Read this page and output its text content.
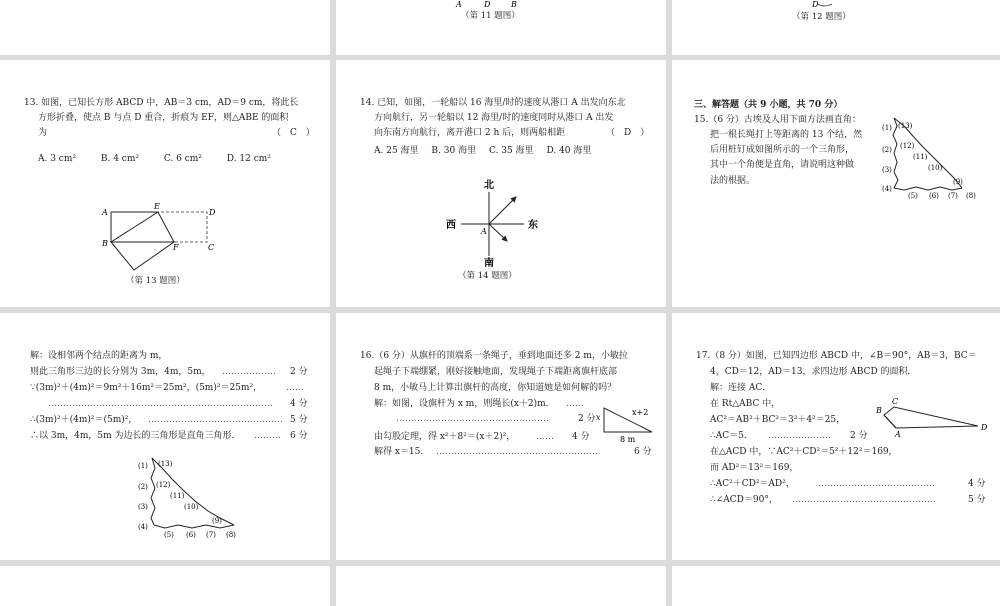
A	D	B
（第 11 题图）
D
（第 12 题图）
13. 如图，已知长方形 ABCD 中，AB＝3 cm，AD＝9 cm，将此长
方形折叠，使点 B 与点 D 重合，折痕为 EF，则△ABE 的面积
为	（　C　）
A. 3 cm²	B. 4 cm²	C. 6 cm²	D. 12 cm²
A
E
D
B	F	C
（第 13 题图）
14. 已知，如图，一轮船以 16 海里/时的速度从港口 A 出发向东北
方向航行，另一轮船以 12 海里/时的速度同时从港口 A 出发
向东南方向航行，离开港口 2 h 后，则两船相距	（　D　）
A. 25 海里 B. 30 海里 C. 35 海里 D. 40 海里
北
南
西	东
A
（第 14 题图）
三、解答题（共 9 小题，共 70 分）
15.（6 分）古埃及人用下面方法画直角：
把一根长绳打上等距离的 13 个结，然
后用桩钉成如图所示的一个三角形，
其中一个角便是直角，请说明这种做
法的根据。
(1)
(2)
(3)
(4)
(5) (6) (7) (8)
(9)
(10)
(11)
(12)
(13)
解：设相邻两个结点的距离为 m，
则此三角形三边的长分别为 3m，4m，5m， ……………… 2 分
∵(3m)²＋(4m)²＝9m²＋16m²＝25m²，(5m)²＝25m²，	……
………………………………………………………………… 4 分
∴(3m)²＋(4m)²＝(5m)²， ……………………………………… 5 分
∴以 3m，4m，5m 为边长的三角形是直角三角形． ……… 6 分
(1)
(2)
(3)
(4)
(5) (6) (7) (8)
(9)
(10)
(11)
(12)
(13)
16.（6 分）从旗杆的顶端系一条绳子，垂到地面还多 2 m，小敏拉
起绳子下端绷紧，刚好接触地面，发现绳子下端距离旗杆底部
8 m，小敏马上计算出旗杆的高度，你知道她是如何解的吗？
解：如图，设旗杆为 x m，则绳长(x＋2)m． ……
……………………………………………	2 分
由勾股定理，得 x²＋8²＝(x＋2)²， …… 4 分
解得 x＝15． ………………………………………………	6 分
x
x+2
8 m
17.（8 分）如图，已知四边形 ABCD 中，∠B＝90°，AB＝3，BC＝
4，CD＝12，AD＝13，求四边形 ABCD 的面积．
解：连接 AC．
在 Rt△ABC 中，
AC²＝AB²＋BC²＝3²＋4²＝25，
∴AC＝5． ………………… 2 分
在△ACD 中，∵AC²＋CD²＝5²＋12²＝169，
而 AD²＝13²＝169，
∴AC²＋CD²＝AD²，	…………………………………	4 分
∴∠ACD＝90°， …………………………………………	5 分
C
B
A
D
